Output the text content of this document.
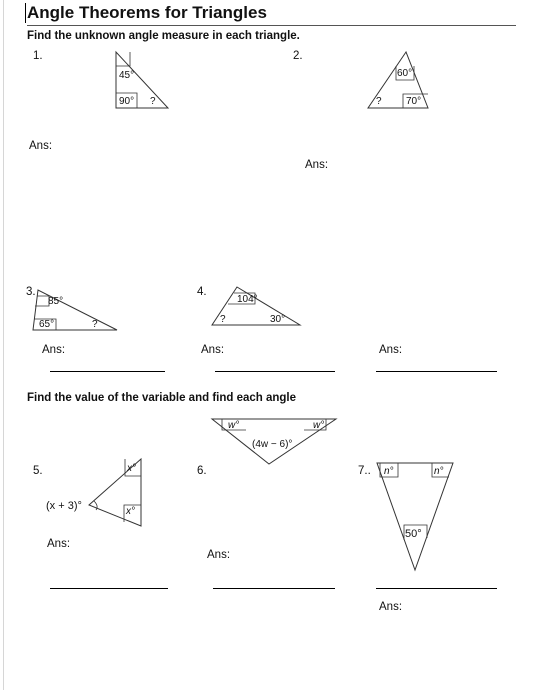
Angle Theorems for Triangles
Find the unknown angle measure in each triangle.
1.
45°
90° ?
Ans:
2.
60°
? 70°
Ans:
3.
85°
65°	?
Ans:
4.
104°
?	30°
Ans:	Ans:
Find the value of the variable and find each angle
w°	w°
(4w − 6)°
5.	x°
(x + 3)°	x°
Ans:
6.
Ans:
7.. n°	n°
50°
Ans:
